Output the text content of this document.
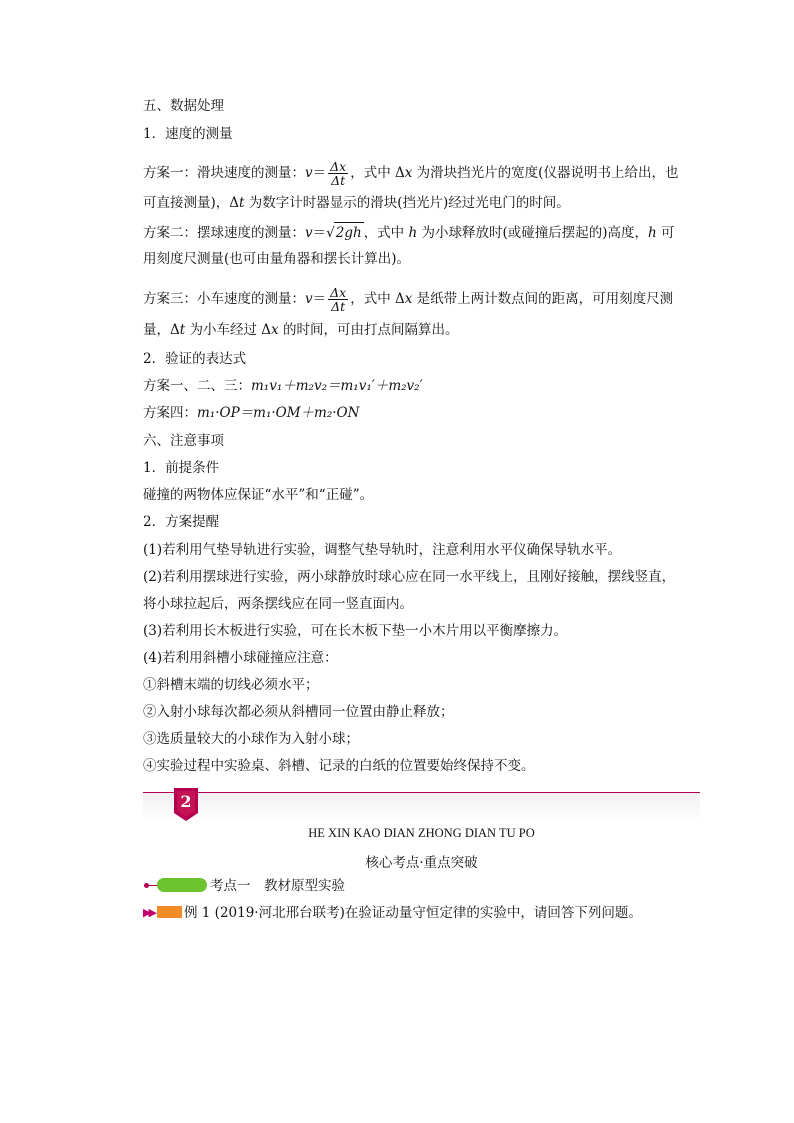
五、数据处理
1．速度的测量
方案一：滑块速度的测量：$v= \frac{\Delta x}{\Delta t}$ ，式中 Δx 为滑块挡光片的宽度(仪器说明书上给出，也
可直接测量)，Δt 为数字计时器显示的滑块(挡光片)经过光电门的时间。
方案二：摆球速度的测量：v＝√2gh ，式中 h 为小球释放时(或碰撞后摆起的)高度，h 可
用刻度尺测量(也可由量角器和摆长计算出)。
方案三：小车速度的测量：$v= \frac{\Delta x}{\Delta t}$ ，式中 Δx 是纸带上两计数点间的距离，可用刻度尺测
量，Δt 为小车经过 Δx 的时间，可由打点间隔算出。
2．验证的表达式
方案一、二、三：m₁v₁＋m₂v₂＝m₁v₁′＋m₂v₂′
方案四：m₁·OP＝m₁·OM＋m₂·ON
六、注意事项
1．前提条件
碰撞的两物体应保证“水平”和“正碰”。
2．方案提醒
(1)若利用气垫导轨进行实验，调整气垫导轨时，注意利用水平仪确保导轨水平。
(2)若利用摆球进行实验，两小球静放时球心应在同一水平线上，且刚好接触，摆线竖直，
将小球拉起后，两条摆线应在同一竖直面内。
(3)若利用长木板进行实验，可在长木板下垫一小木片用以平衡摩擦力。
(4)若利用斜槽小球碰撞应注意：
①斜槽末端的切线必须水平；
②入射小球每次都必须从斜槽同一位置由静止释放；
③选质量较大的小球作为入射小球；
④实验过程中实验桌、斜槽、记录的白纸的位置要始终保持不变。
2
HE XIN KAO DIAN ZHONG DIAN TU PO
核心考点·重点突破
考点一　教材原型实验
▶▶ 例 1 (2019·河北邢台联考)在验证动量守恒定律的实验中，请回答下列问题。
